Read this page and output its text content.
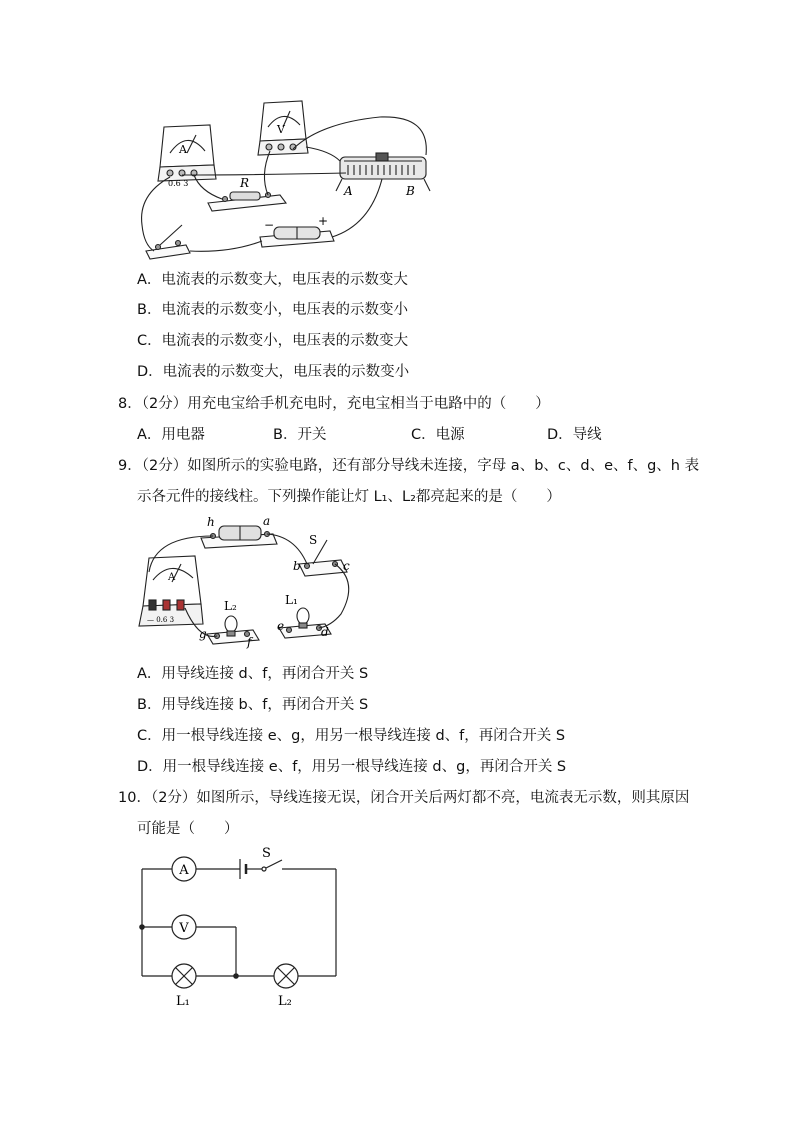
A
0.6 3
V
R
A	B
−	+
A．电流表的示数变大，电压表的示数变大
B．电流表的示数变小，电压表的示数变小
C．电流表的示数变小，电压表的示数变大
D．电流表的示数变大，电压表的示数变小
8．（2分）用充电宝给手机充电时，充电宝相当于电路中的（　　）
A．用电器	B．开关	C．电源	D．导线
9．（2分）如图所示的实验电路，还有部分导线未连接，字母 a、b、c、d、e、f、g、h 表
示各元件的接线柱。下列操作能让灯 L₁、L₂都亮起来的是（　　）
A
— 0.6 3
h	a
b	c
d
e
f
g
S
L₂	L₁
A．用导线连接 d、f，再闭合开关 S
B．用导线连接 b、f，再闭合开关 S
C．用一根导线连接 e、g，用另一根导线连接 d、f，再闭合开关 S
D．用一根导线连接 e、f，用另一根导线连接 d、g，再闭合开关 S
10．（2分）如图所示，导线连接无误，闭合开关后两灯都不亮，电流表无示数，则其原因
可能是（　　）
A
V
S
L₁	L₂
